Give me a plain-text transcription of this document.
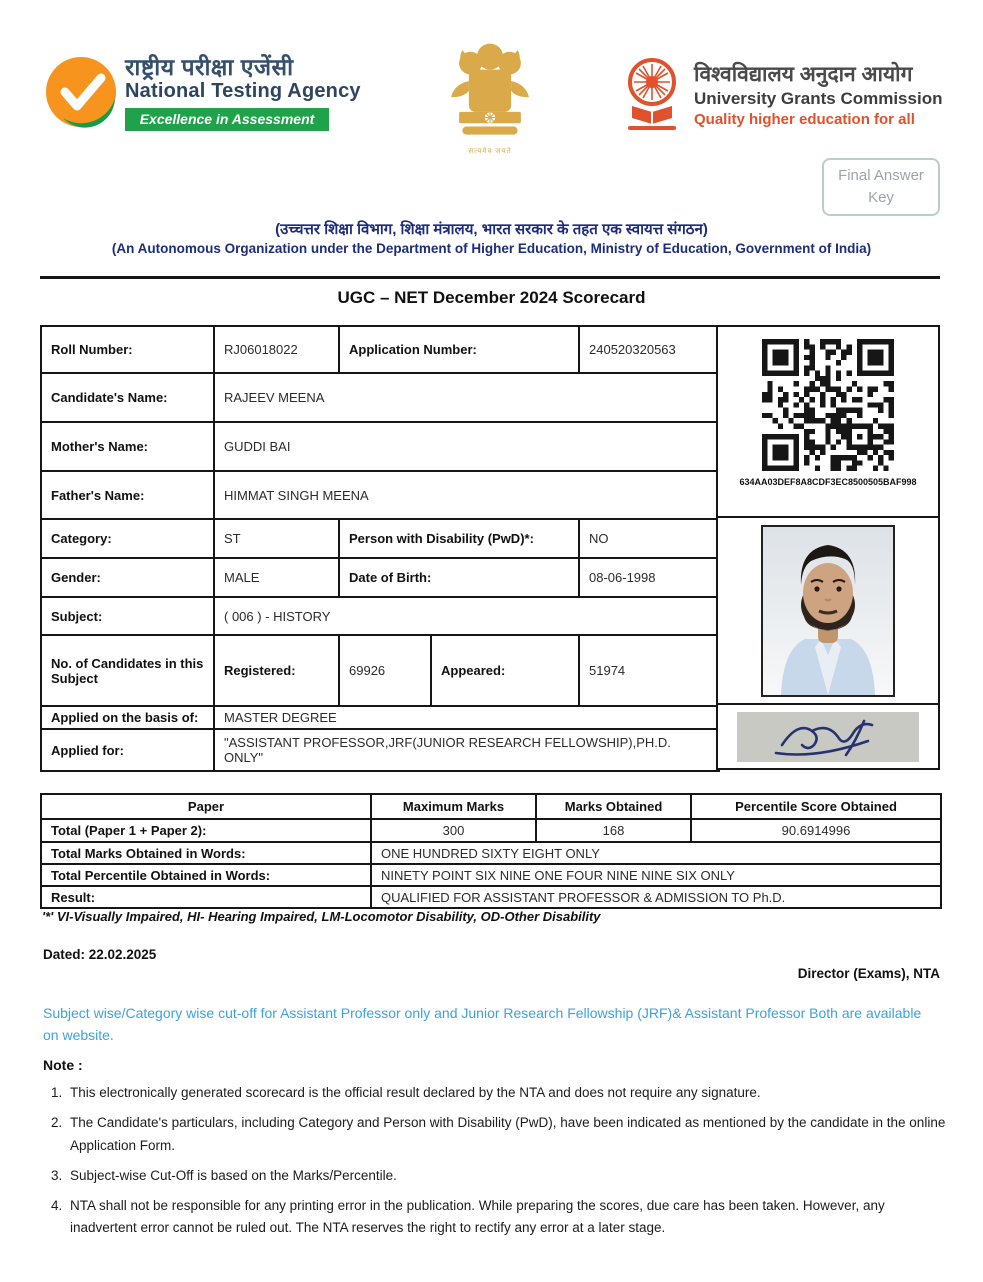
राष्ट्रीय परीक्षा एजेंसी
National Testing Agency
Excellence in Assessment
सत्यमेव जयते
विश्वविद्यालय अनुदान आयोग
University Grants Commission
Quality higher education for all
Final Answer Key
(उच्चत्तर शिक्षा विभाग, शिक्षा मंत्रालय, भारत सरकार के तहत एक स्वायत्त संगठन)
(An Autonomous Organization under the Department of Higher Education, Ministry of Education, Government of India)
UGC – NET December 2024 Scorecard
Roll Number:	RJ06018022	Application Number:		240520320563
Candidate's Name:	RAJEEV MEENA			
Mother's Name:	GUDDI BAI			
Father's Name:	HIMMAT SINGH MEENA			
Category:	ST	Person with Disability (PwD)*:		NO
Gender:	MALE	Date of Birth:		08-06-1998
Subject:	( 006 ) - HISTORY			
No. of Candidates in this Subject	Registered:	69926	Appeared:	51974
Applied on the basis of:	MASTER DEGREE			
Applied for:	"ASSISTANT PROFESSOR,JRF(JUNIOR RESEARCH FELLOWSHIP),PH.D. ONLY"			
634AA03DEF8A8CDF3EC8500505BAF998
Paper	Maximum Marks	Marks Obtained	Percentile Score Obtained
Total (Paper 1 + Paper 2):	300	168	90.6914996
Total Marks Obtained in Words:	ONE HUNDRED SIXTY EIGHT ONLY		
Total Percentile Obtained in Words:	NINETY POINT SIX NINE ONE FOUR NINE NINE SIX ONLY		
Result:	QUALIFIED FOR ASSISTANT PROFESSOR & ADMISSION TO Ph.D.		
'*' VI-Visually Impaired, HI- Hearing Impaired, LM-Locomotor Disability, OD-Other Disability
Dated: 22.02.2025
Director (Exams), NTA
Subject wise/Category wise cut-off for Assistant Professor only and Junior Research Fellowship (JRF)& Assistant Professor Both are available on website.
Note :
1. This electronically generated scorecard is the official result declared by the NTA and does not require any signature.
2. The Candidate's particulars, including Category and Person with Disability (PwD), have been indicated as mentioned by the candidate in the online Application Form.
3. Subject-wise Cut-Off is based on the Marks/Percentile.
4. NTA shall not be responsible for any printing error in the publication. While preparing the scores, due care has been taken. However, any inadvertent error cannot be ruled out. The NTA reserves the right to rectify any error at a later stage.
